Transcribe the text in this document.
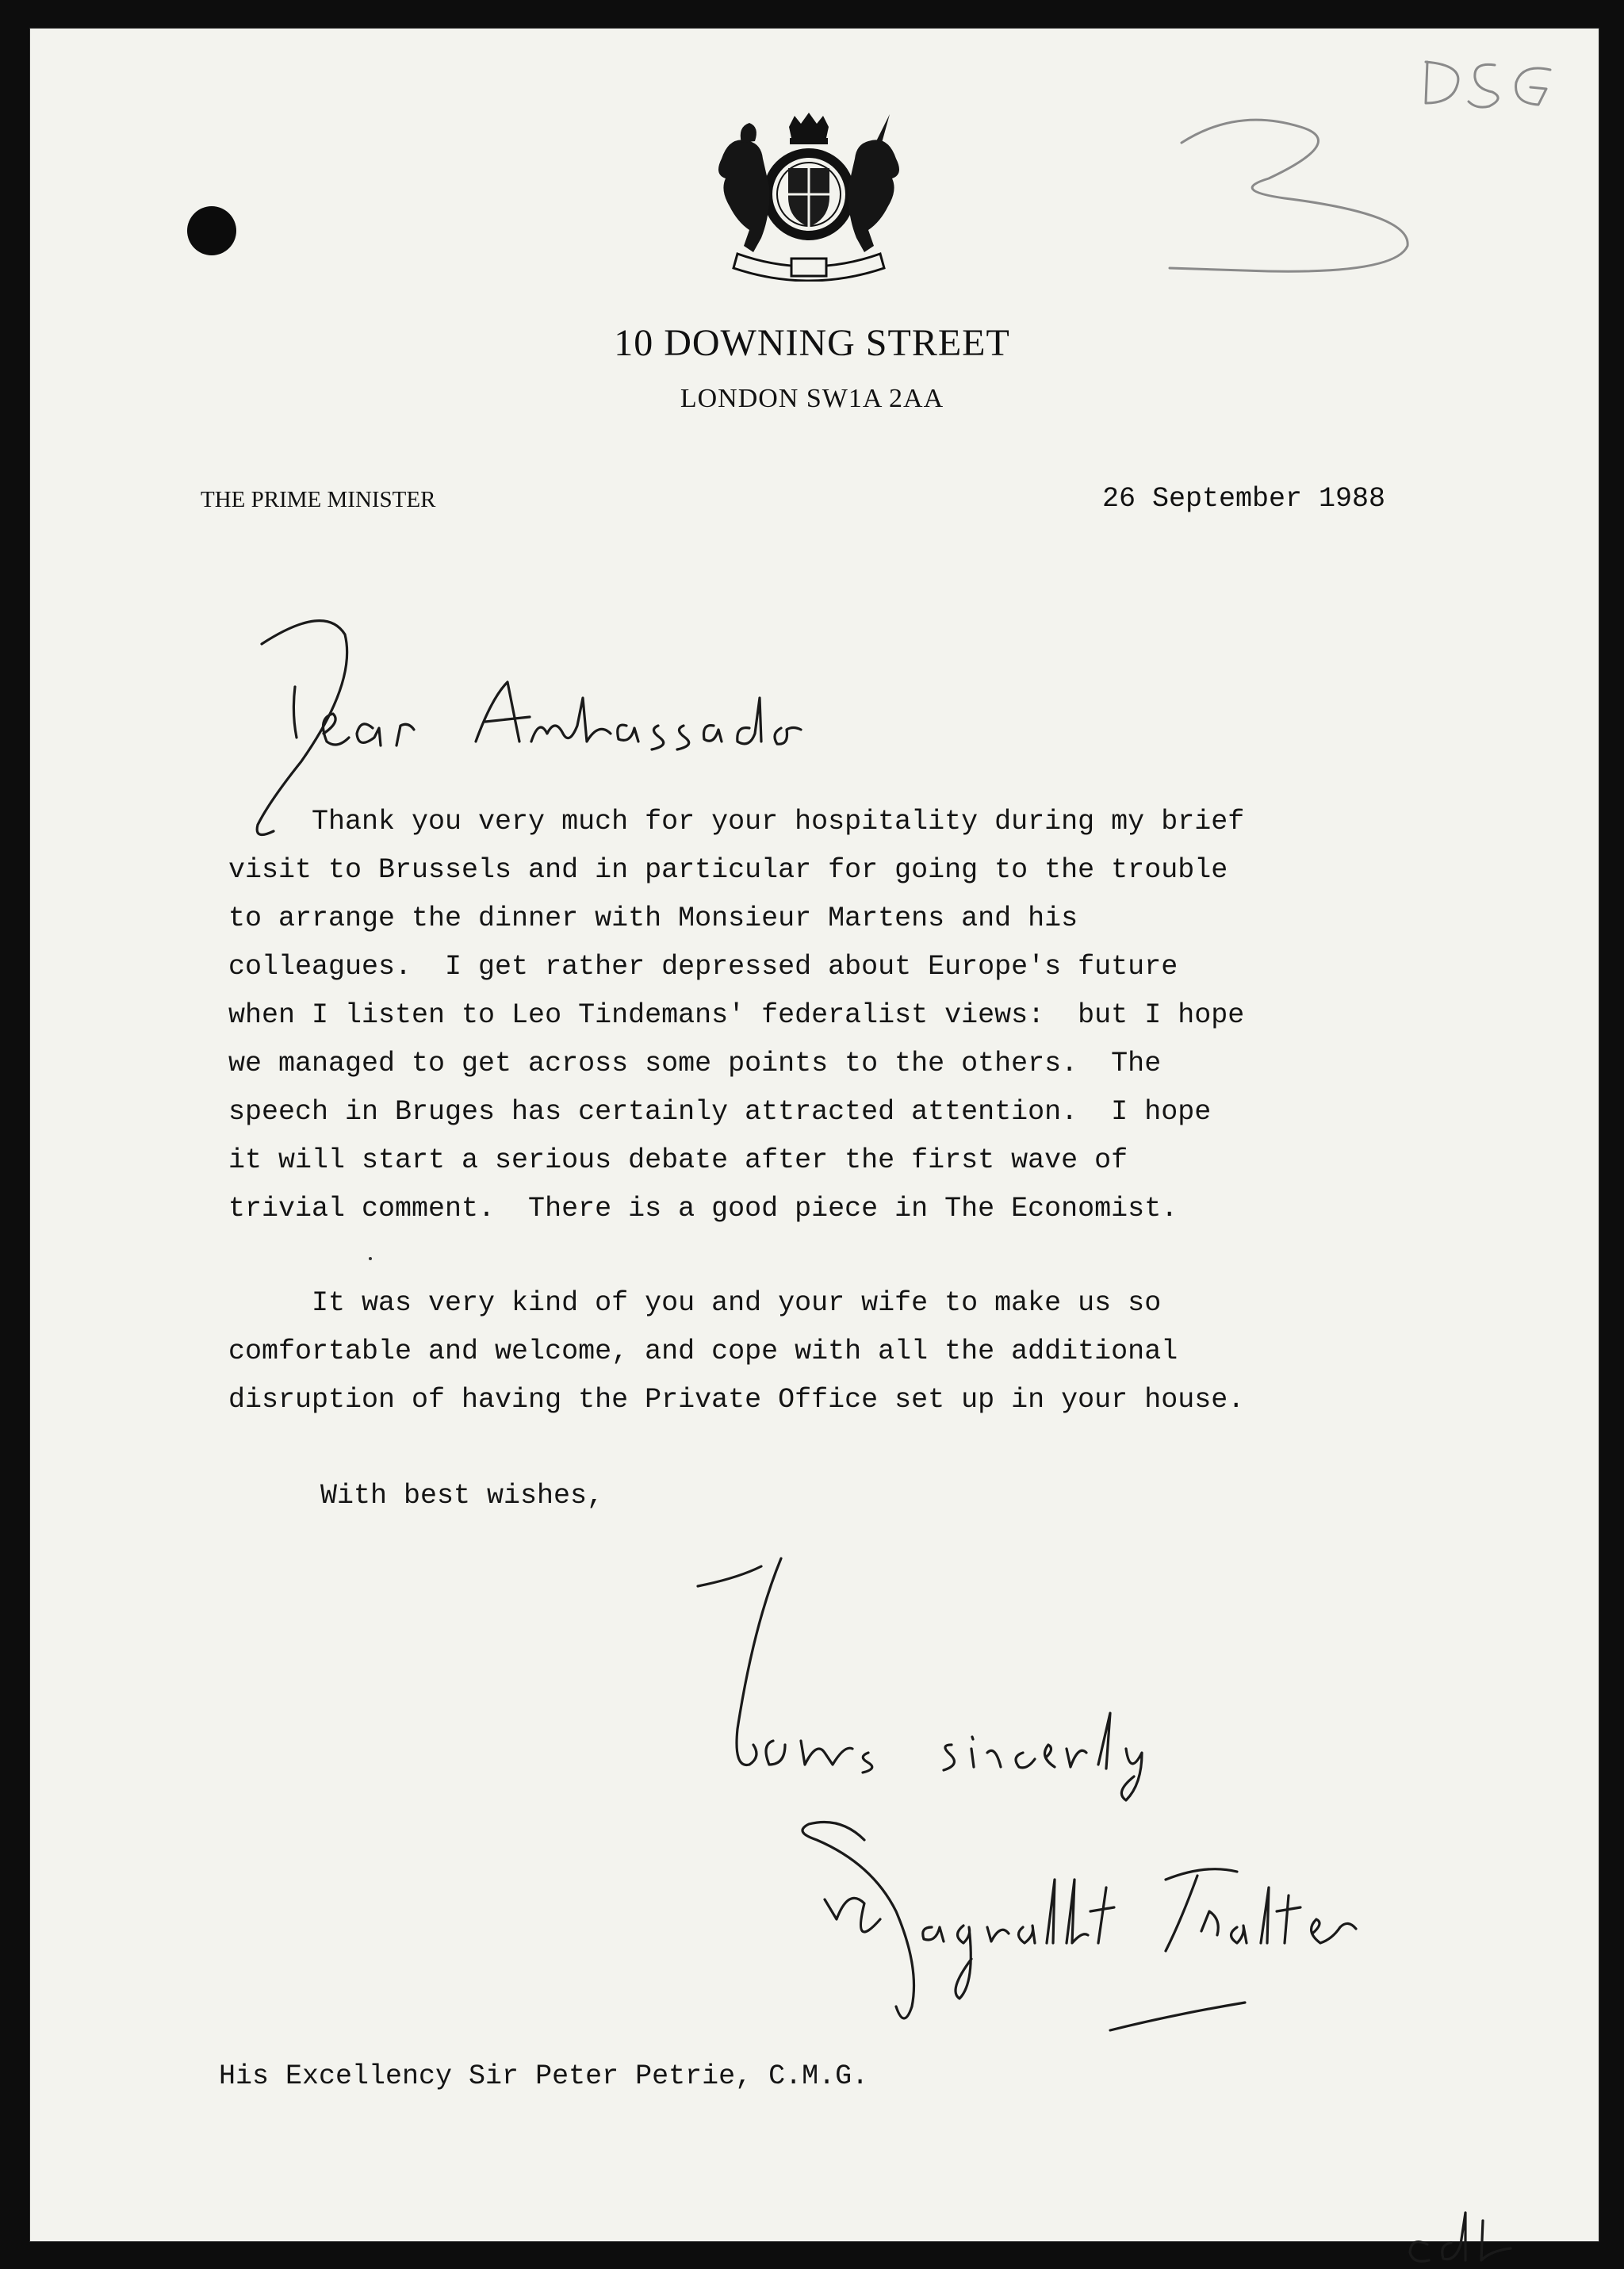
10 DOWNING STREET
LONDON SW1A 2AA
THE PRIME MINISTER	26 September 1988
Thank you very much for your hospitality during my brief
visit to Brussels and in particular for going to the trouble
to arrange the dinner with Monsieur Martens and his
colleagues.  I get rather depressed about Europe's future
when I listen to Leo Tindemans' federalist views:  but I hope
we managed to get across some points to the others.  The
speech in Bruges has certainly attracted attention.  I hope
it will start a serious debate after the first wave of
trivial comment.  There is a good piece in The Economist.
It was very kind of you and your wife to make us so
comfortable and welcome, and cope with all the additional
disruption of having the Private Office set up in your house.
With best wishes,
His Excellency Sir Peter Petrie, C.M.G.
